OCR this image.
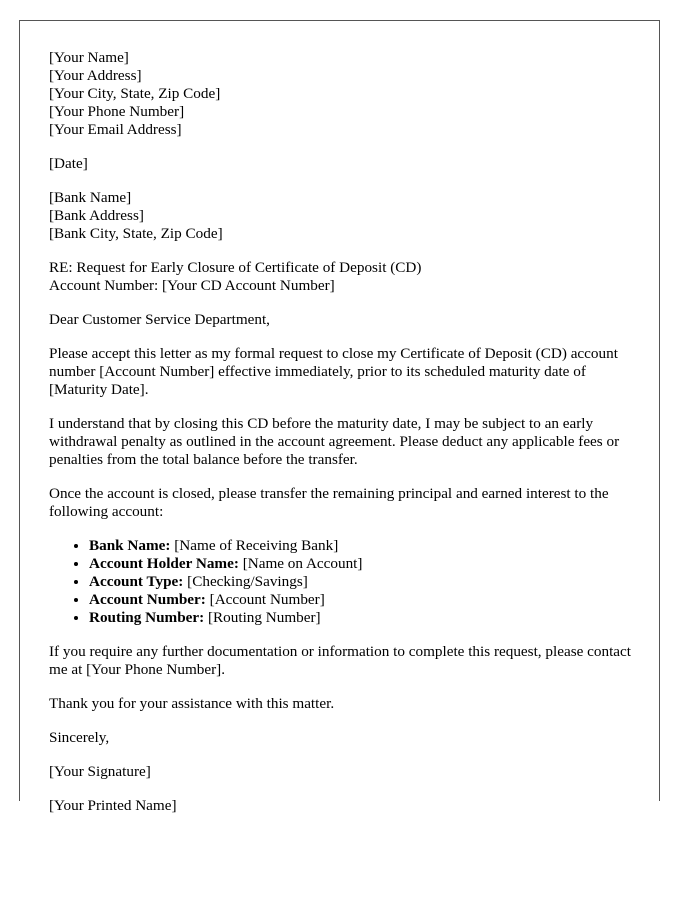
[Your Name]
[Your Address]
[Your City, State, Zip Code]
[Your Phone Number]
[Your Email Address]
[Date]
[Bank Name]
[Bank Address]
[Bank City, State, Zip Code]
RE: Request for Early Closure of Certificate of Deposit (CD)
Account Number: [Your CD Account Number]

Dear Customer Service Department,

Please accept this letter as my formal request to close my Certificate of Deposit (CD) account number [Account Number] effective immediately, prior to its scheduled maturity date of [Maturity Date].

I understand that by closing this CD before the maturity date, I may be subject to an early withdrawal penalty as outlined in the account agreement. Please deduct any applicable fees or penalties from the total balance before the transfer.

Once the account is closed, please transfer the remaining principal and earned interest to the following account:

• Bank Name: [Name of Receiving Bank]
• Account Holder Name: [Name on Account]
• Account Type: [Checking/Savings]
• Account Number: [Account Number]
• Routing Number: [Routing Number]

If you require any further documentation or information to complete this request, please contact me at [Your Phone Number].

Thank you for your assistance with this matter.

Sincerely,

[Your Signature]

[Your Printed Name]
